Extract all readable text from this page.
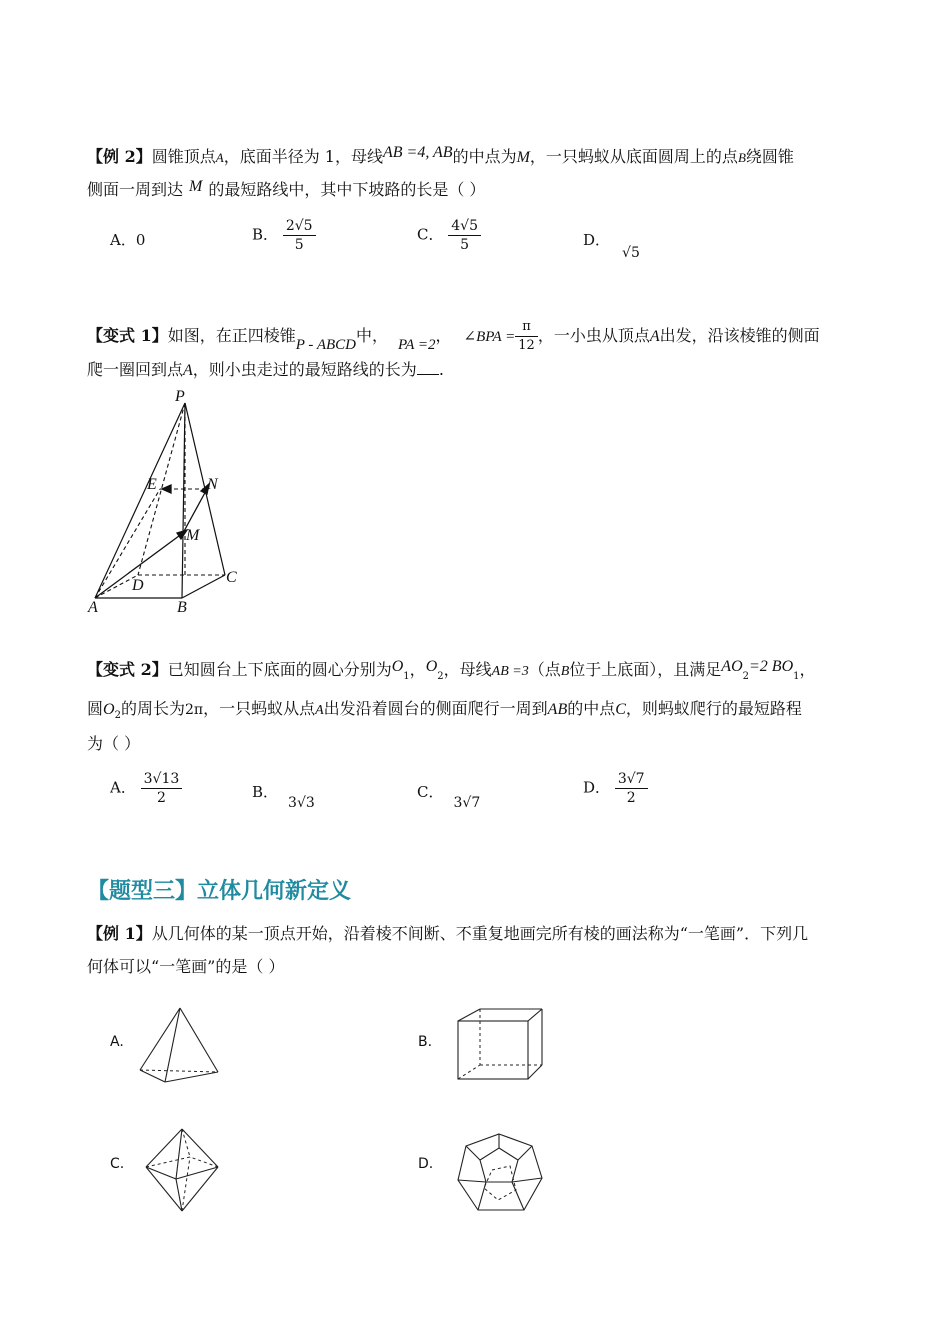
【例 2】圆锥顶点A，底面半径为 1，母线AB =4, AB的中点为M，一只蚂蚁从底面圆周上的点B绕圆锥
侧面一周到达 M 的最短路线中，其中下坡路的长是（ ）
A．0	B． $\frac{2√5}{5}$	C． $\frac{4√5}{5}$	D．√5
【变式 1】如图，在正四棱锥P - ABCD中， PA =2， ∠BPA = $\frac{\pi}{12}$ ，一小虫从顶点A出发，沿该棱锥的侧面
爬一圈回到点A，则小虫走过的最短路线的长为 .
P
E	N
M
D	C
A	B
【变式 2】已知圆台上下底面的圆心分别为$O_1$，$O_2$，母线AB =3（点B位于上底面），且满足$AO_2=2$ $BO_1$，
圆$O_2$的周长为2π，一只蚂蚁从点A出发沿着圆台的侧面爬行一周到AB的中点C，则蚂蚁爬行的最短路程
为（ ）
A． $\frac{3√13}{2}$	B．3√3
C．3√7
D． $\frac{3√7}{2}$
【题型三】立体几何新定义
【例 1】从几何体的某一顶点开始，沿着棱不间断、不重复地画完所有棱的画法称为“一笔画”．下列几
何体可以“一笔画”的是（ ）
A.	B.
C.	D.
